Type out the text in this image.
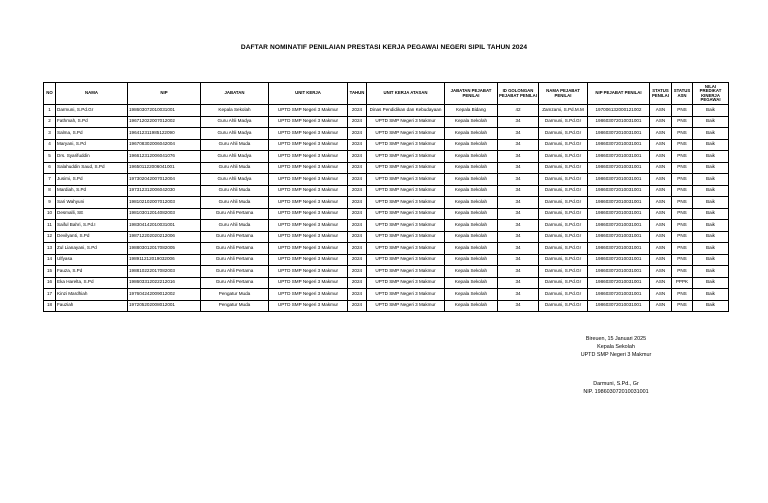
DAFTAR NOMINATIF PENILAIAN PRESTASI KERJA PEGAWAI NEGERI SIPIL TAHUN 2024
NO	NAMA	NIP	JABATAN	UNIT KERJA	TAHUN	UNIT KERJA ATASAN	JABATAN PEJABAT PENILAI	ID GOLONGAN PEJABAT PENILAI	NAMA PEJABAT PENILAI	NIP PEJABAT PENILAI	STATUS PENILAI	STATUS ASN	NILAI PREDIKAT KINERJA PEGAWAI
1	Darmuni, S.Pd.Gr	198603072010031001	Kepala Sekolah	UPTD SMP Negeri 3 Makmur	2024	Dinas Pendidikan dan Kebudayaan	Kepala Bidang	42	Zamzami, S.Pd.M.M	197006132000121002	ASN	PNS	Baik
2	Fathmah, S.Pd	196712022007012002	Guru Ahli Madya	UPTD SMP Negeri 3 Makmur	2024	UPTD SMP Negeri 3 Makmur	Kepala Sekolah	34	Darmuni, S.Pd.Gr	198603072010031001	ASN	PNS	Baik
3	Salma, S.Pd	196412311985122090	Guru Ahli Madya	UPTD SMP Negeri 3 Makmur	2024	UPTD SMP Negeri 3 Makmur	Kepala Sekolah	34	Darmuni, S.Pd.Gr	198603072010031001	ASN	PNS	Baik
4	Maryani, S.Pd	196708302006042004	Guru Ahli Muda	UPTD SMP Negeri 3 Makmur	2024	UPTD SMP Negeri 3 Makmur	Kepala Sekolah	34	Darmuni, S.Pd.Gr	198603072010031001	ASN	PNS	Baik
5	Drs. Syarifuddin	196612312006041076	Guru Ahli Madya	UPTD SMP Negeri 3 Makmur	2024	UPTD SMP Negeri 3 Makmur	Kepala Sekolah	34	Darmuni, S.Pd.Gr	198603072010031001	ASN	PNS	Baik
6	Salahuddin Saud, S.Pd	196501122006041001	Guru Ahli Muda	UPTD SMP Negeri 3 Makmur	2024	UPTD SMP Negeri 3 Makmur	Kepala Sekolah	34	Darmuni, S.Pd.Gr	198603072010031001	ASN	PNS	Baik
7	Jusimi, S.Pd	197302042007012004	Guru Ahli Madya	UPTD SMP Negeri 3 Makmur	2024	UPTD SMP Negeri 3 Makmur	Kepala Sekolah	34	Darmuni, S.Pd.Gr	198603072010031001	ASN	PNS	Baik
8	Mardiah, S.Pd	197312312006042030	Guru Ahli Muda	UPTD SMP Negeri 3 Makmur	2024	UPTD SMP Negeri 3 Makmur	Kepala Sekolah	34	Darmuni, S.Pd.Gr	198603072010031001	ASN	PNS	Baik
9	Sari Wahyuni	198102102007012003	Guru Ahli Muda	UPTD SMP Negeri 3 Makmur	2024	UPTD SMP Negeri 3 Makmur	Kepala Sekolah	34	Darmuni, S.Pd.Gr	198603072010031001	ASN	PNS	Baik
10	Desmalli, SE	198103012014082003	Guru Ahli Pertama	UPTD SMP Negeri 3 Makmur	2024	UPTD SMP Negeri 3 Makmur	Kepala Sekolah	34	Darmuni, S.Pd.Gr	198603072010031001	ASN	PNS	Baik
11	Saiful Bahri, S.Pd.I	198304142010031001	Guru Ahli Muda	UPTD SMP Negeri 3 Makmur	2024	UPTD SMP Negeri 3 Makmur	Kepala Sekolah	34	Darmuni, S.Pd.Gr	198603072010031001	ASN	PNS	Baik
12	Devilyanti, S.Pd	198712202020212006	Guru Ahli Pertama	UPTD SMP Negeri 3 Makmur	2024	UPTD SMP Negeri 3 Makmur	Kepala Sekolah	34	Darmuni, S.Pd.Gr	198603072010031001	ASN	PNS	Baik
13	Zul Lianayani, S.Pd	198803012017082005	Guru Ahli Pertama	UPTD SMP Negeri 3 Makmur	2024	UPTD SMP Negeri 3 Makmur	Kepala Sekolah	34	Darmuni, S.Pd.Gr	198603072010031001	ASN	PNS	Baik
14	Ulfyasa	198911212019032006	Guru Ahli Pertama	UPTD SMP Negeri 3 Makmur	2024	UPTD SMP Negeri 3 Makmur	Kepala Sekolah	34	Darmuni, S.Pd.Gr	198603072010031001	ASN	PNS	Baik
15	Fauza, S.Pd	198810222017082003	Guru Ahli Pertama	UPTD SMP Negeri 3 Makmur	2024	UPTD SMP Negeri 3 Makmur	Kepala Sekolah	34	Darmuni, S.Pd.Gr	198603072010031001	ASN	PNS	Baik
16	Eka Harelta, S.Pd	198603312022212016	Guru Ahli Pertama	UPTD SMP Negeri 3 Makmur	2024	UPTD SMP Negeri 3 Makmur	Kepala Sekolah	34	Darmuni, S.Pd.Gr	198603072010031001	ASN	PPPK	Baik
17	Kinzi Mardhiah	197604242009012002	Pengatur Muda	UPTD SMP Negeri 3 Makmur	2024	UPTD SMP Negeri 3 Makmur	Kepala Sekolah	34	Darmuni, S.Pd.Gr	198603072010031001	ASN	PNS	Baik
18	Fauziah	197205202008012001	Pengatur Muda	UPTD SMP Negeri 3 Makmur	2024	UPTD SMP Negeri 3 Makmur	Kepala Sekolah	34	Darmuni, S.Pd.Gr	198603072010031001	ASN	PNS	Baik
Bireuen, 15 Januari 2025
Kepala Sekolah
UPTD SMP Negeri 3 Makmur
Darmuni, S.Pd., Gr
NIP. 198603072010031001
